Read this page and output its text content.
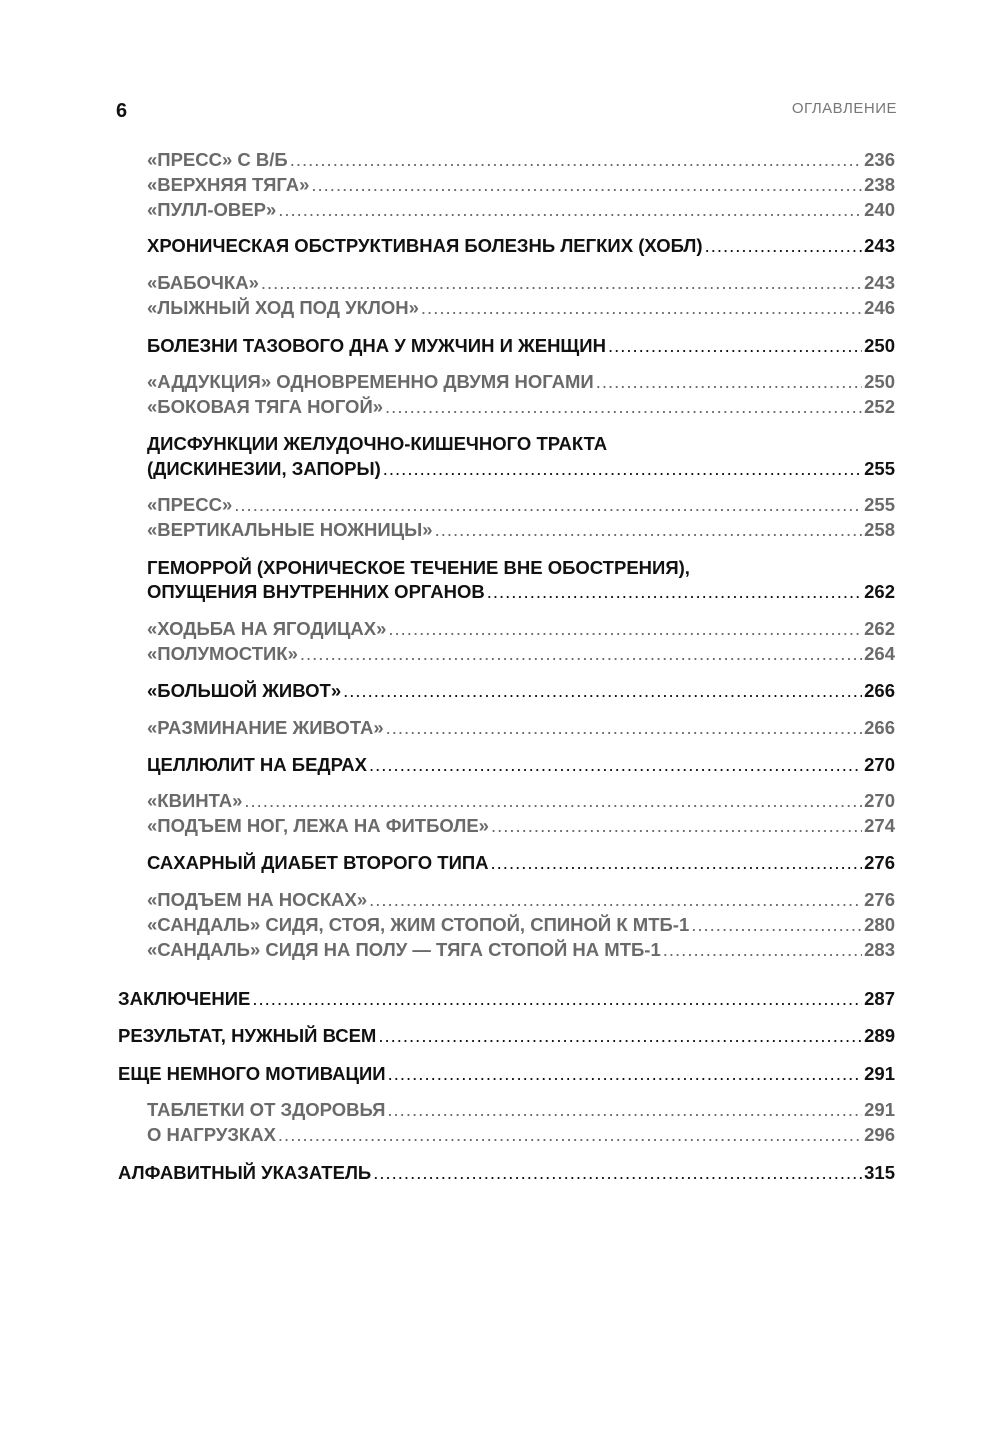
6	ОГЛАВЛЕНИЕ
«ПРЕСС» С В/Б .....	236
«ВЕРХНЯЯ ТЯГА» .....	238
«ПУЛЛ-ОВЕР» .....	240
ХРОНИЧЕСКАЯ ОБСТРУКТИВНАЯ БОЛЕЗНЬ ЛЕГКИХ (ХОБЛ) .....	243
«БАБОЧКА» .....	243
«ЛЫЖНЫЙ ХОД ПОД УКЛОН» .....	246
БОЛЕЗНИ ТАЗОВОГО ДНА У МУЖЧИН И ЖЕНЩИН .....	250
«АДДУКЦИЯ» ОДНОВРЕМЕННО ДВУМЯ НОГАМИ .....	250
«БОКОВАЯ ТЯГА НОГОЙ» .....	252
ДИСФУНКЦИИ ЖЕЛУДОЧНО-КИШЕЧНОГО ТРАКТА
(ДИСКИНЕЗИИ, ЗАПОРЫ) .....	255
«ПРЕСС» .....	255
«ВЕРТИКАЛЬНЫЕ НОЖНИЦЫ» .....	258
ГЕМОРРОЙ (ХРОНИЧЕСКОЕ ТЕЧЕНИЕ ВНЕ ОБОСТРЕНИЯ),
ОПУЩЕНИЯ ВНУТРЕННИХ ОРГАНОВ .....	262
«ХОДЬБА НА ЯГОДИЦАХ» .....	262
«ПОЛУМОСТИК» .....	264
«БОЛЬШОЙ ЖИВОТ» .....	266
«РАЗМИНАНИЕ ЖИВОТА» .....	266
ЦЕЛЛЮЛИТ НА БЕДРАХ .....	270
«КВИНТА» .....	270
«ПОДЪЕМ НОГ, ЛЕЖА НА ФИТБОЛЕ» .....	274
САХАРНЫЙ ДИАБЕТ ВТОРОГО ТИПА .....	276
«ПОДЪЕМ НА НОСКАХ» .....	276
«САНДАЛЬ» СИДЯ, СТОЯ, ЖИМ СТОПОЙ, СПИНОЙ К МТБ-1 .....	280
«САНДАЛЬ» СИДЯ НА ПОЛУ — ТЯГА СТОПОЙ НА МТБ-1 .....	283
ЗАКЛЮЧЕНИЕ .....	287
РЕЗУЛЬТАТ, НУЖНЫЙ ВСЕМ .....	289
ЕЩЕ НЕМНОГО МОТИВАЦИИ .....	291
ТАБЛЕТКИ ОТ ЗДОРОВЬЯ .....	291
О НАГРУЗКАХ .....	296
АЛФАВИТНЫЙ УКАЗАТЕЛЬ .....	315
